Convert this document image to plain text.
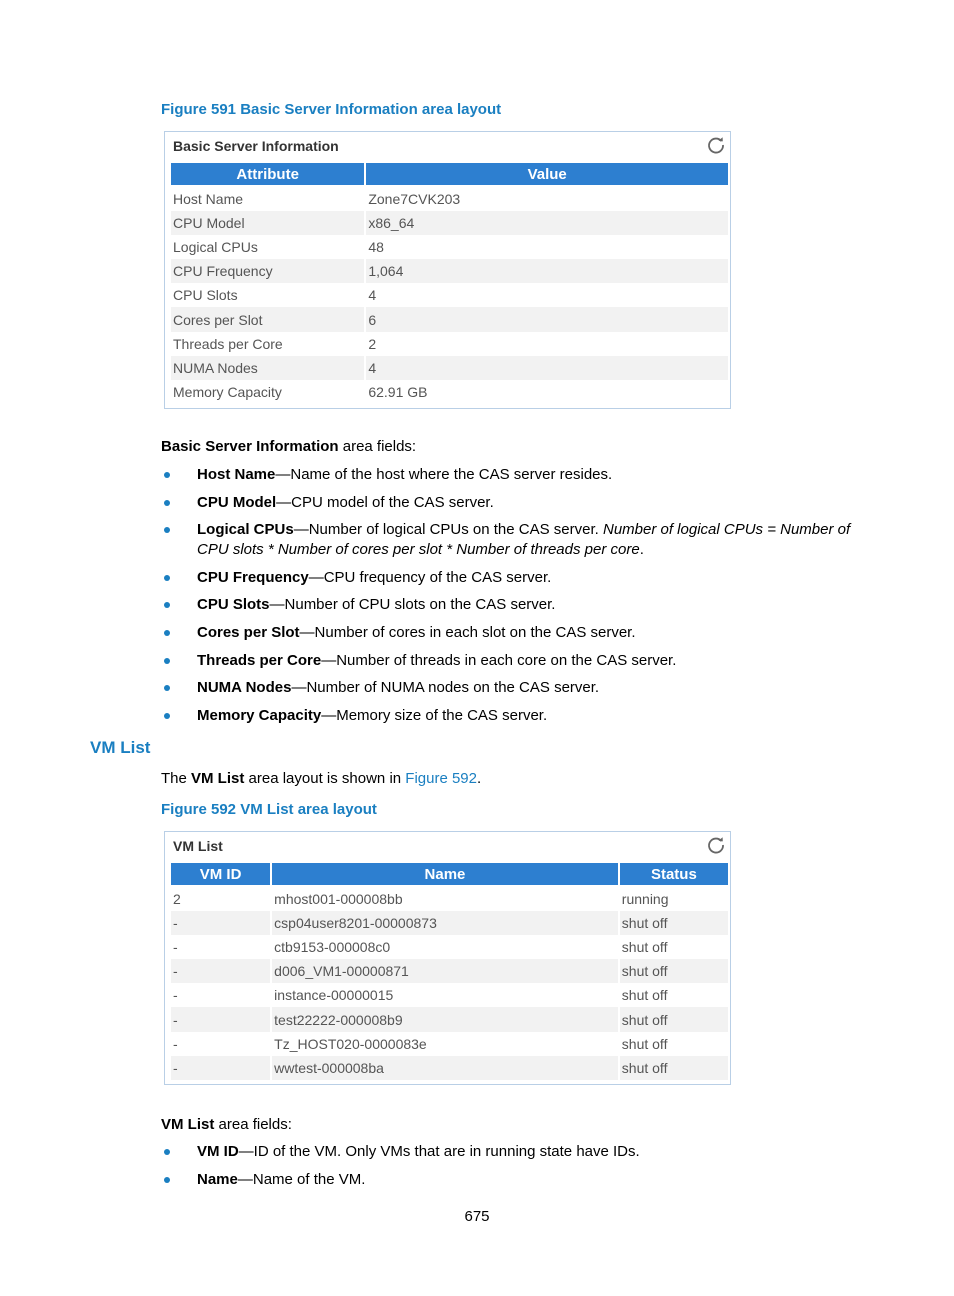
Figure 591 Basic Server Information area layout
Basic Server Information
Attribute	Value
Host Name	Zone7CVK203
CPU Model	x86_64
Logical CPUs	48
CPU Frequency	1,064
CPU Slots	4
Cores per Slot	6
Threads per Core	2
NUMA Nodes	4
Memory Capacity	62.91 GB
Basic Server Information area fields:
Host Name—Name of the host where the CAS server resides.
CPU Model—CPU model of the CAS server.
Logical CPUs—Number of logical CPUs on the CAS server. Number of logical CPUs = Number of CPU slots * Number of cores per slot * Number of threads per core.
CPU Frequency—CPU frequency of the CAS server.
CPU Slots—Number of CPU slots on the CAS server.
Cores per Slot—Number of cores in each slot on the CAS server.
Threads per Core—Number of threads in each core on the CAS server.
NUMA Nodes—Number of NUMA nodes on the CAS server.
Memory Capacity—Memory size of the CAS server.
VM List
The VM List area layout is shown in Figure 592.
Figure 592 VM List area layout
VM List
VM ID	Name	Status
2	mhost001-000008bb	running
-	csp04user8201-00000873	shut off
-	ctb9153-000008c0	shut off
-	d006_VM1-00000871	shut off
-	instance-00000015	shut off
-	test22222-000008b9	shut off
-	Tz_HOST020-0000083e	shut off
-	wwtest-000008ba	shut off
VM List area fields:
VM ID—ID of the VM. Only VMs that are in running state have IDs.
Name—Name of the VM.
675
